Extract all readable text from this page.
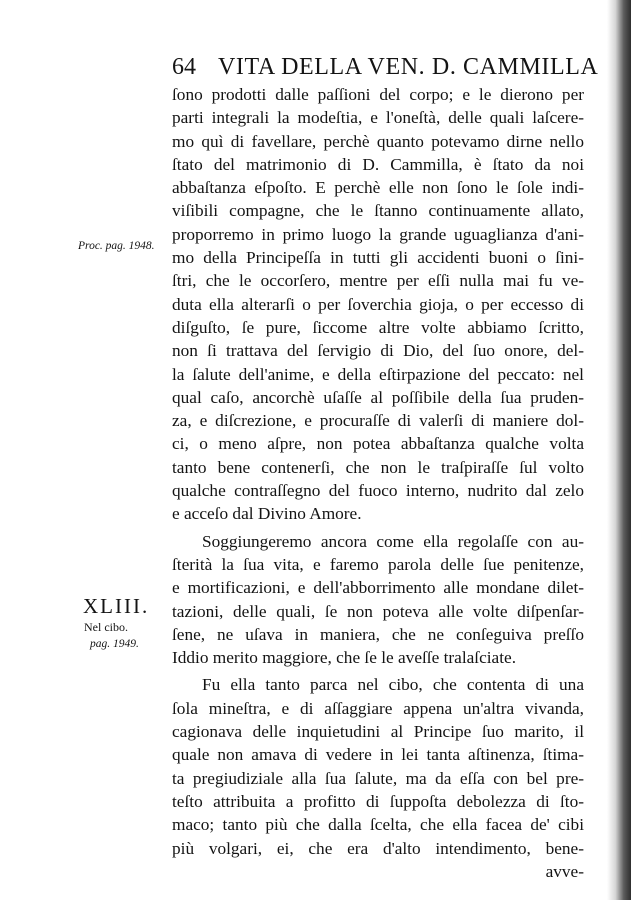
64 VITA DELLA VEN. D. CAMMILLA
Proc. pag. 1948.
XLIII.
Nel cibo.
pag. 1949.
ſono prodotti dalle paſſioni del corpo; e le dierono per
parti integrali la modeſtia, e l'oneſtà, delle quali laſcere-
mo quì di favellare, perchè quanto potevamo dirne nello
ſtato del matrimonio di D. Cammilla, è ſtato da noi
abbaſtanza eſpoſto. E perchè elle non ſono le ſole indi-
viſibili compagne, che le ſtanno continuamente allato,
proporremo in primo luogo la grande uguaglianza d'ani-
mo della Principeſſa in tutti gli accidenti buoni o ſini-
ſtri, che le occorſero, mentre per eſſi nulla mai fu ve-
duta ella alterarſi o per ſoverchia gioja, o per eccesso di
diſguſto, ſe pure, ſiccome altre volte abbiamo ſcritto,
non ſi trattava del ſervigio di Dio, del ſuo onore, del-
la ſalute dell'anime, e della eſtirpazione del peccato: nel
qual caſo, ancorchè uſaſſe al poſſibile della ſua pruden-
za, e diſcrezione, e procuraſſe di valerſi di maniere dol-
ci, o meno aſpre, non potea abbaſtanza qualche volta
tanto bene contenerſi, che non le traſpiraſſe ſul volto
qualche contraſſegno del fuoco interno, nudrito dal zelo
e acceſo dal Divino Amore.
Soggiungeremo ancora come ella regolaſſe con au-
ſterità la ſua vita, e faremo parola delle ſue penitenze,
e mortificazioni, e dell'abborrimento alle mondane dilet-
tazioni, delle quali, ſe non poteva alle volte diſpenſar-
ſene, ne uſava in maniera, che ne conſeguiva preſſo
Iddio merito maggiore, che ſe le aveſſe tralaſciate.
Fu ella tanto parca nel cibo, che contenta di una
ſola mineſtra, e di aſſaggiare appena un'altra vivanda,
cagionava delle inquietudini al Principe ſuo marito, il
quale non amava di vedere in lei tanta aſtinenza, ſtima-
ta pregiudiziale alla ſua ſalute, ma da eſſa con bel pre-
teſto attribuita a profitto di ſuppoſta debolezza di ſto-
maco; tanto più che dalla ſcelta, che ella facea de' cibi
più volgari, ei, che era d'alto intendimento, bene-
avve-
